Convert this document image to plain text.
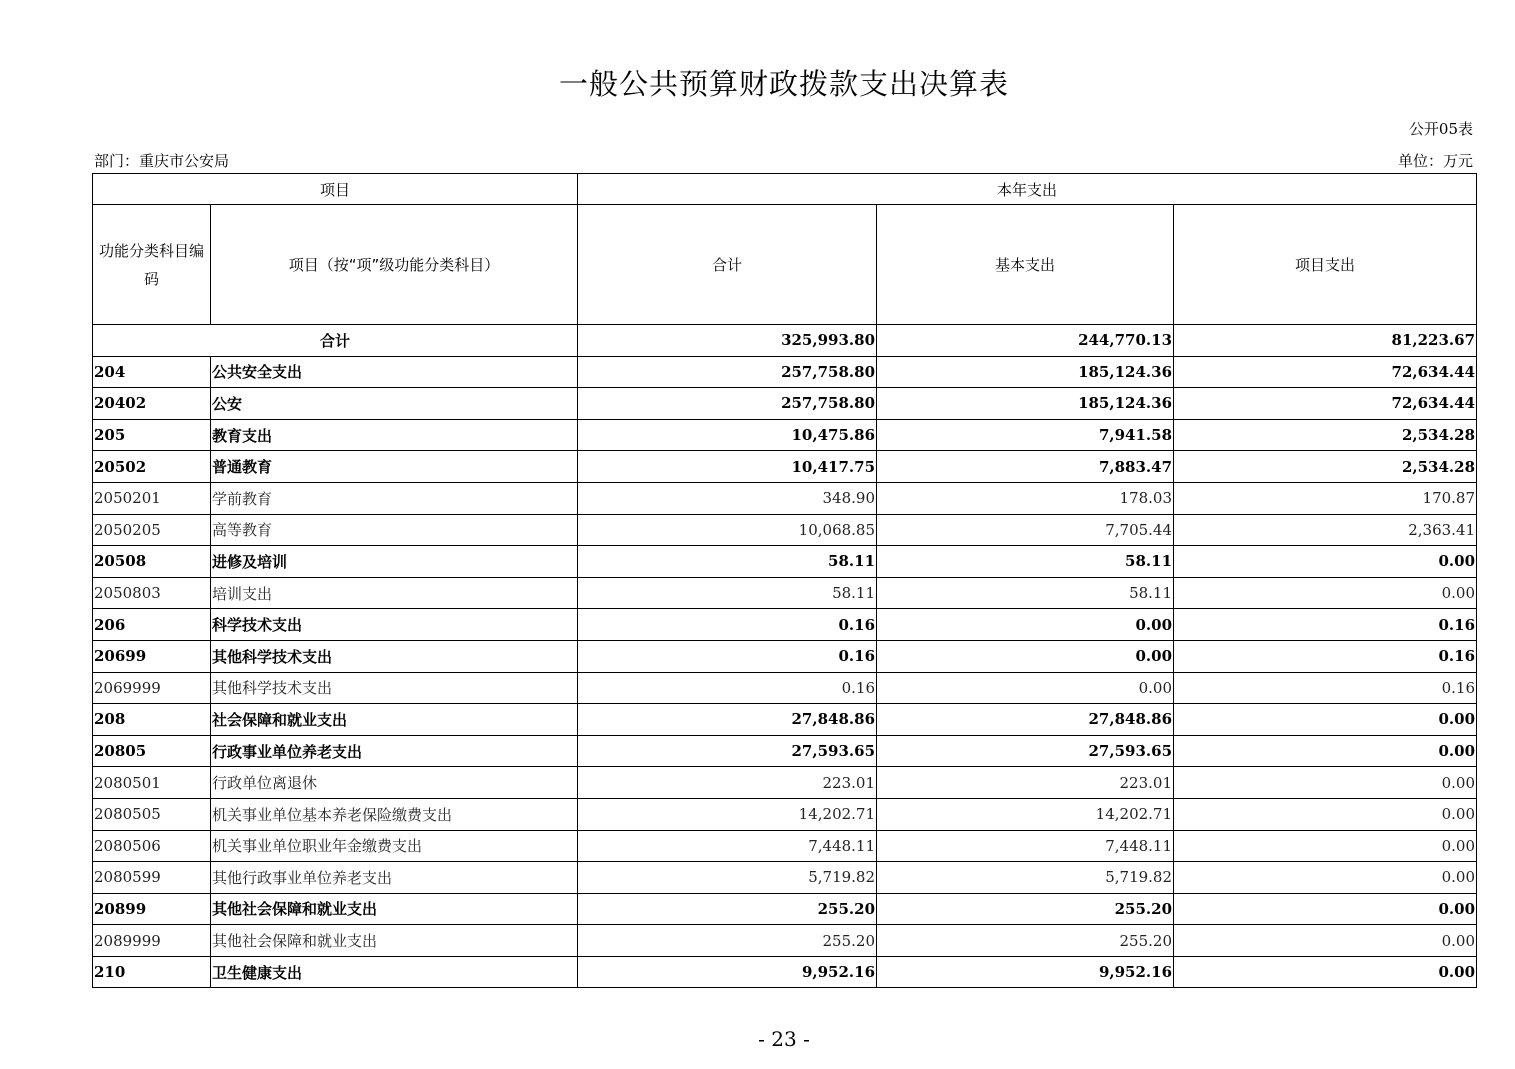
一般公共预算财政拨款支出决算表
公开05表
部门：重庆市公安局	单位：万元
项目		本年支出		
功能分类科目编码	项目（按“项”级功能分类科目）	合计	基本支出	项目支出
合计		325,993.80	244,770.13	81,223.67
204	公共安全支出	257,758.80	185,124.36	72,634.44
20402	公安	257,758.80	185,124.36	72,634.44
205	教育支出	10,475.86	7,941.58	2,534.28
20502	普通教育	10,417.75	7,883.47	2,534.28
2050201	学前教育	348.90	178.03	170.87
2050205	高等教育	10,068.85	7,705.44	2,363.41
20508	进修及培训	58.11	58.11	0.00
2050803	培训支出	58.11	58.11	0.00
206	科学技术支出	0.16	0.00	0.16
20699	其他科学技术支出	0.16	0.00	0.16
2069999	其他科学技术支出	0.16	0.00	0.16
208	社会保障和就业支出	27,848.86	27,848.86	0.00
20805	行政事业单位养老支出	27,593.65	27,593.65	0.00
2080501	行政单位离退休	223.01	223.01	0.00
2080505	机关事业单位基本养老保险缴费支出	14,202.71	14,202.71	0.00
2080506	机关事业单位职业年金缴费支出	7,448.11	7,448.11	0.00
2080599	其他行政事业单位养老支出	5,719.82	5,719.82	0.00
20899	其他社会保障和就业支出	255.20	255.20	0.00
2089999	其他社会保障和就业支出	255.20	255.20	0.00
210	卫生健康支出	9,952.16	9,952.16	0.00
- 23 -
